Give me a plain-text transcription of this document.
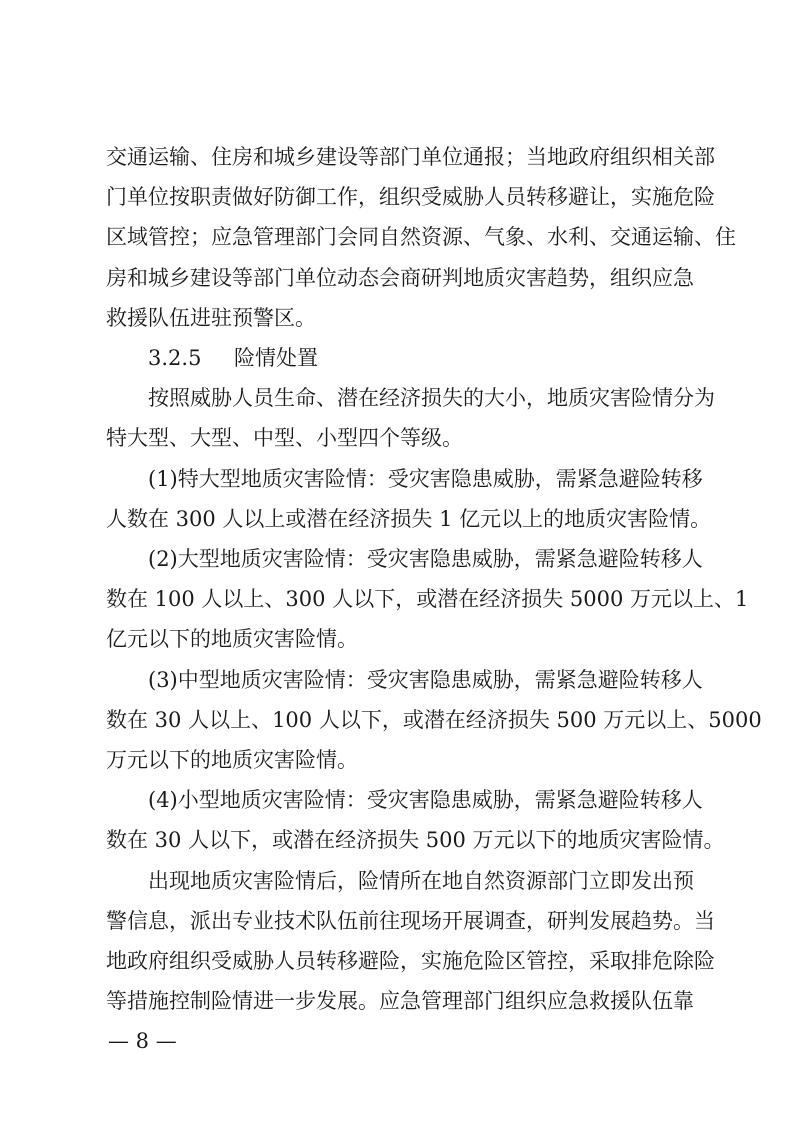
交通运输、住房和城乡建设等部门单位通报；当地政府组织相关部
门单位按职责做好防御工作，组织受威胁人员转移避让，实施危险
区域管控；应急管理部门会同自然资源、气象、水利、交通运输、住
房和城乡建设等部门单位动态会商研判地质灾害趋势，组织应急
救援队伍进驻预警区。
3.2.5 险情处置
按照威胁人员生命、潜在经济损失的大小，地质灾害险情分为
特大型、大型、中型、小型四个等级。
(1)特大型地质灾害险情：受灾害隐患威胁，需紧急避险转移
人数在 300 人以上或潜在经济损失 1 亿元以上的地质灾害险情。
(2)大型地质灾害险情：受灾害隐患威胁，需紧急避险转移人
数在 100 人以上、300 人以下，或潜在经济损失 5000 万元以上、1
亿元以下的地质灾害险情。
(3)中型地质灾害险情：受灾害隐患威胁，需紧急避险转移人
数在 30 人以上、100 人以下，或潜在经济损失 500 万元以上、5000
万元以下的地质灾害险情。
(4)小型地质灾害险情：受灾害隐患威胁，需紧急避险转移人
数在 30 人以下，或潜在经济损失 500 万元以下的地质灾害险情。
出现地质灾害险情后，险情所在地自然资源部门立即发出预
警信息，派出专业技术队伍前往现场开展调查，研判发展趋势。当
地政府组织受威胁人员转移避险，实施危险区管控，采取排危除险
等措施控制险情进一步发展。应急管理部门组织应急救援队伍靠
— 8 —
